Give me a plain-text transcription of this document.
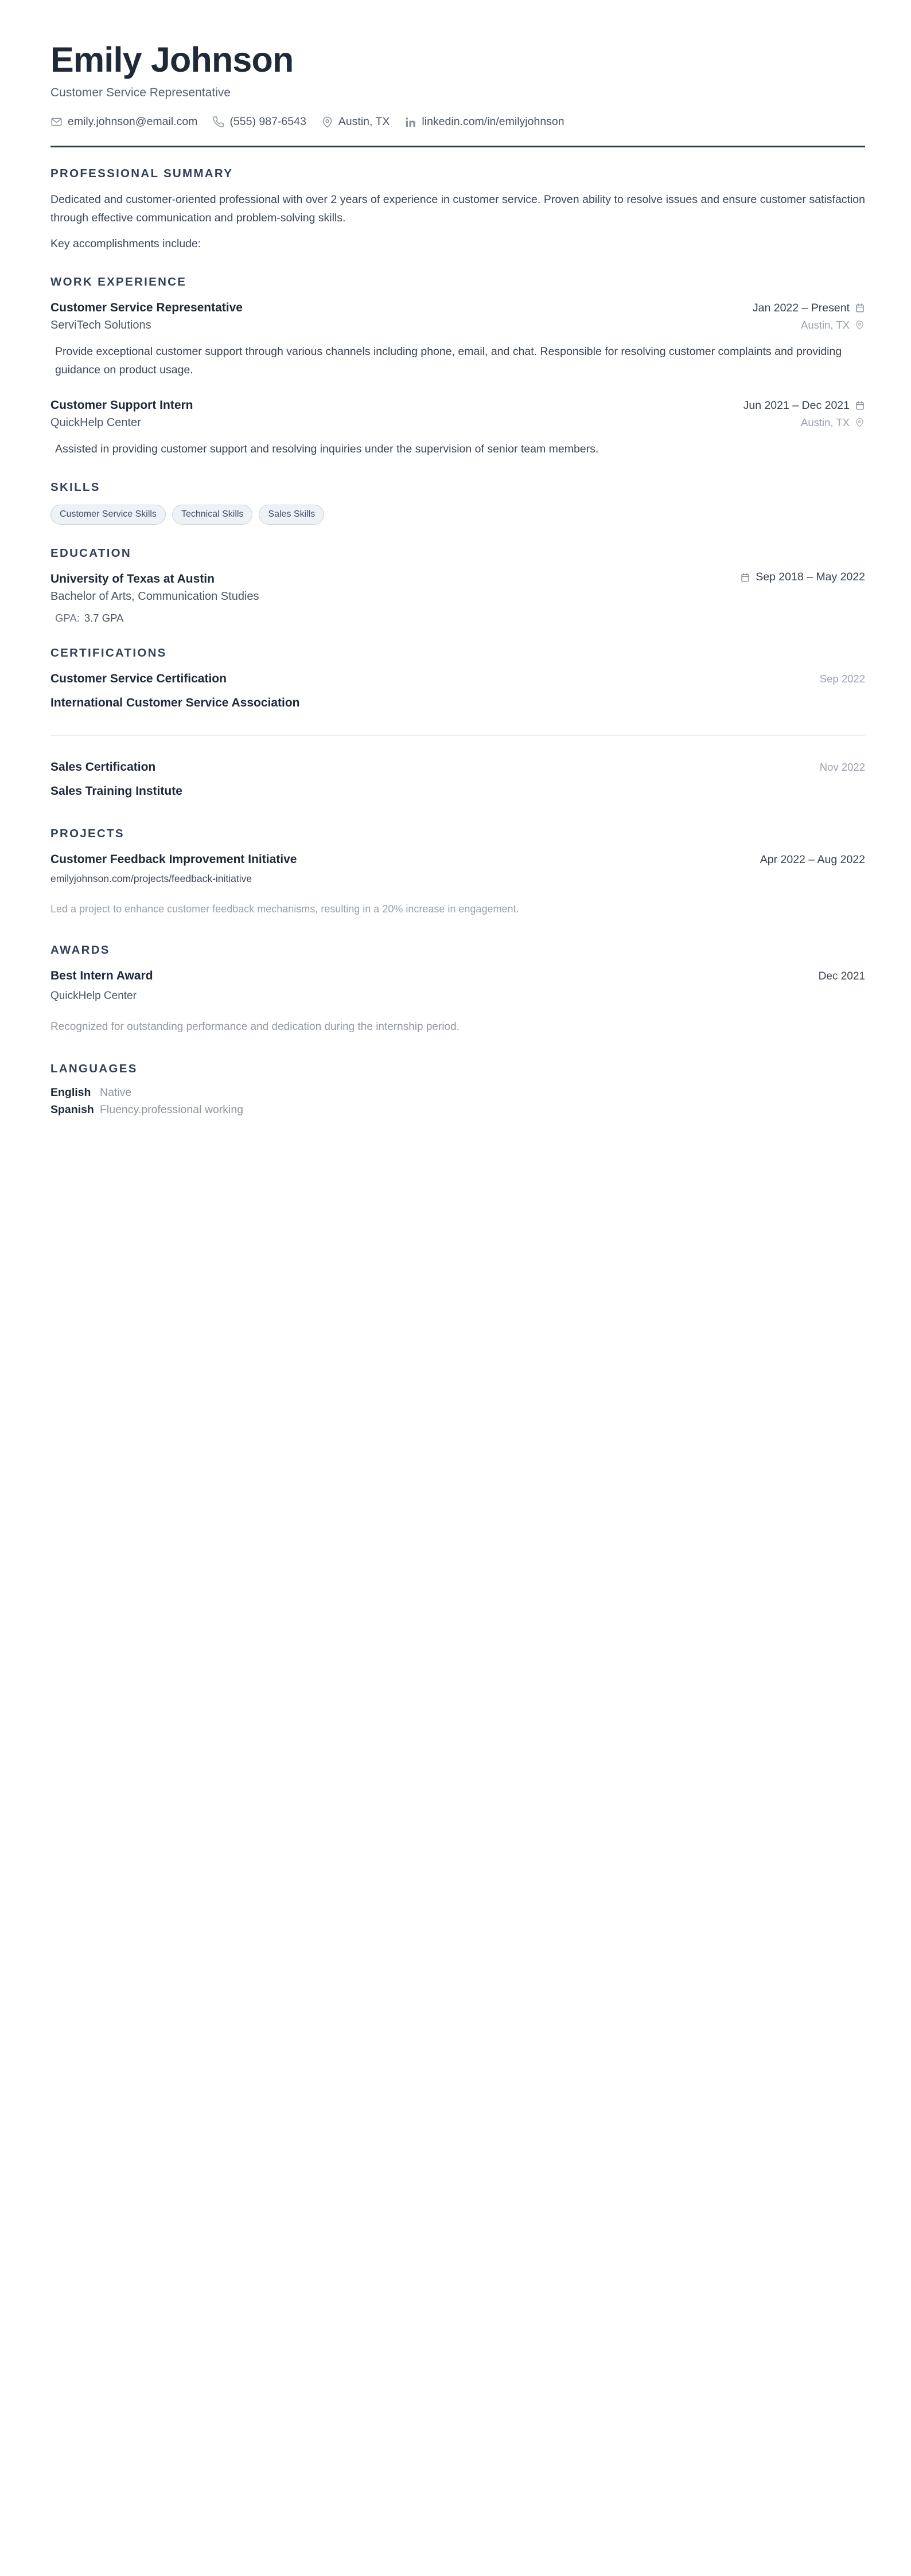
Emily Johnson
Customer Service Representative
emily.johnson@email.com	(555) 987-6543	Austin, TX	linkedin.com/in/emilyjohnson
PROFESSIONAL SUMMARY

Dedicated and customer-oriented professional with over 2 years of experience in customer service. Proven ability to resolve issues and ensure customer satisfaction through effective communication and problem-solving skills.

Key accomplishments include:

WORK EXPERIENCE
Customer Service Representative	Jan 2022 – Present
ServiTech Solutions	Austin, TX

Provide exceptional customer support through various channels including phone, email, and chat. Responsible for resolving customer complaints and providing guidance on product usage.

Customer Support Intern	Jun 2021 – Dec 2021
QuickHelp Center	Austin, TX

Assisted in providing customer support and resolving inquiries under the supervision of senior team members.

SKILLS
Customer Service Skills	Technical Skills	Sales Skills
EDUCATION
University of Texas at Austin	Sep 2018 – May 2022
Bachelor of Arts, Communication Studies
GPA: 3.7 GPA
CERTIFICATIONS
Customer Service Certification	Sep 2022
International Customer Service Association
Sales Certification	Nov 2022
Sales Training Institute
PROJECTS
Customer Feedback Improvement Initiative	Apr 2022 – Aug 2022
emilyjohnson.com/projects/feedback-initiative

Led a project to enhance customer feedback mechanisms, resulting in a 20% increase in engagement.

AWARDS
Best Intern Award	Dec 2021
QuickHelp Center

Recognized for outstanding performance and dedication during the internship period.

LANGUAGES
English Native
Spanish Fluency.professional working
